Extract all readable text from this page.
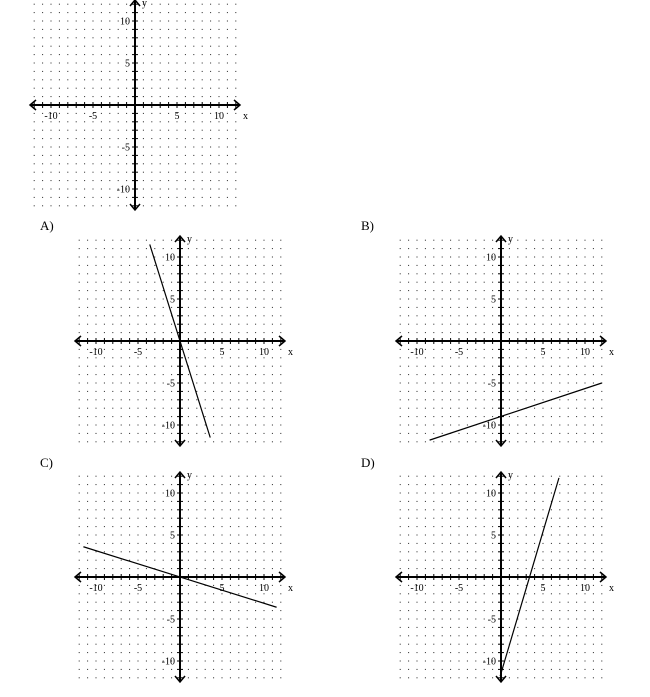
A)	B)
C)	D)
-10	-5	5	10
10
5
-5
-10
x
y
-10	-5	5	10
10
5
-5
-10
x
y
-10	-5	5	10
10
5
-5
-10
x
y
-10	-5	5	10
10
5
-5
-10
x
y
-10	-5	5	10
10
5
-5
-10
x
y
